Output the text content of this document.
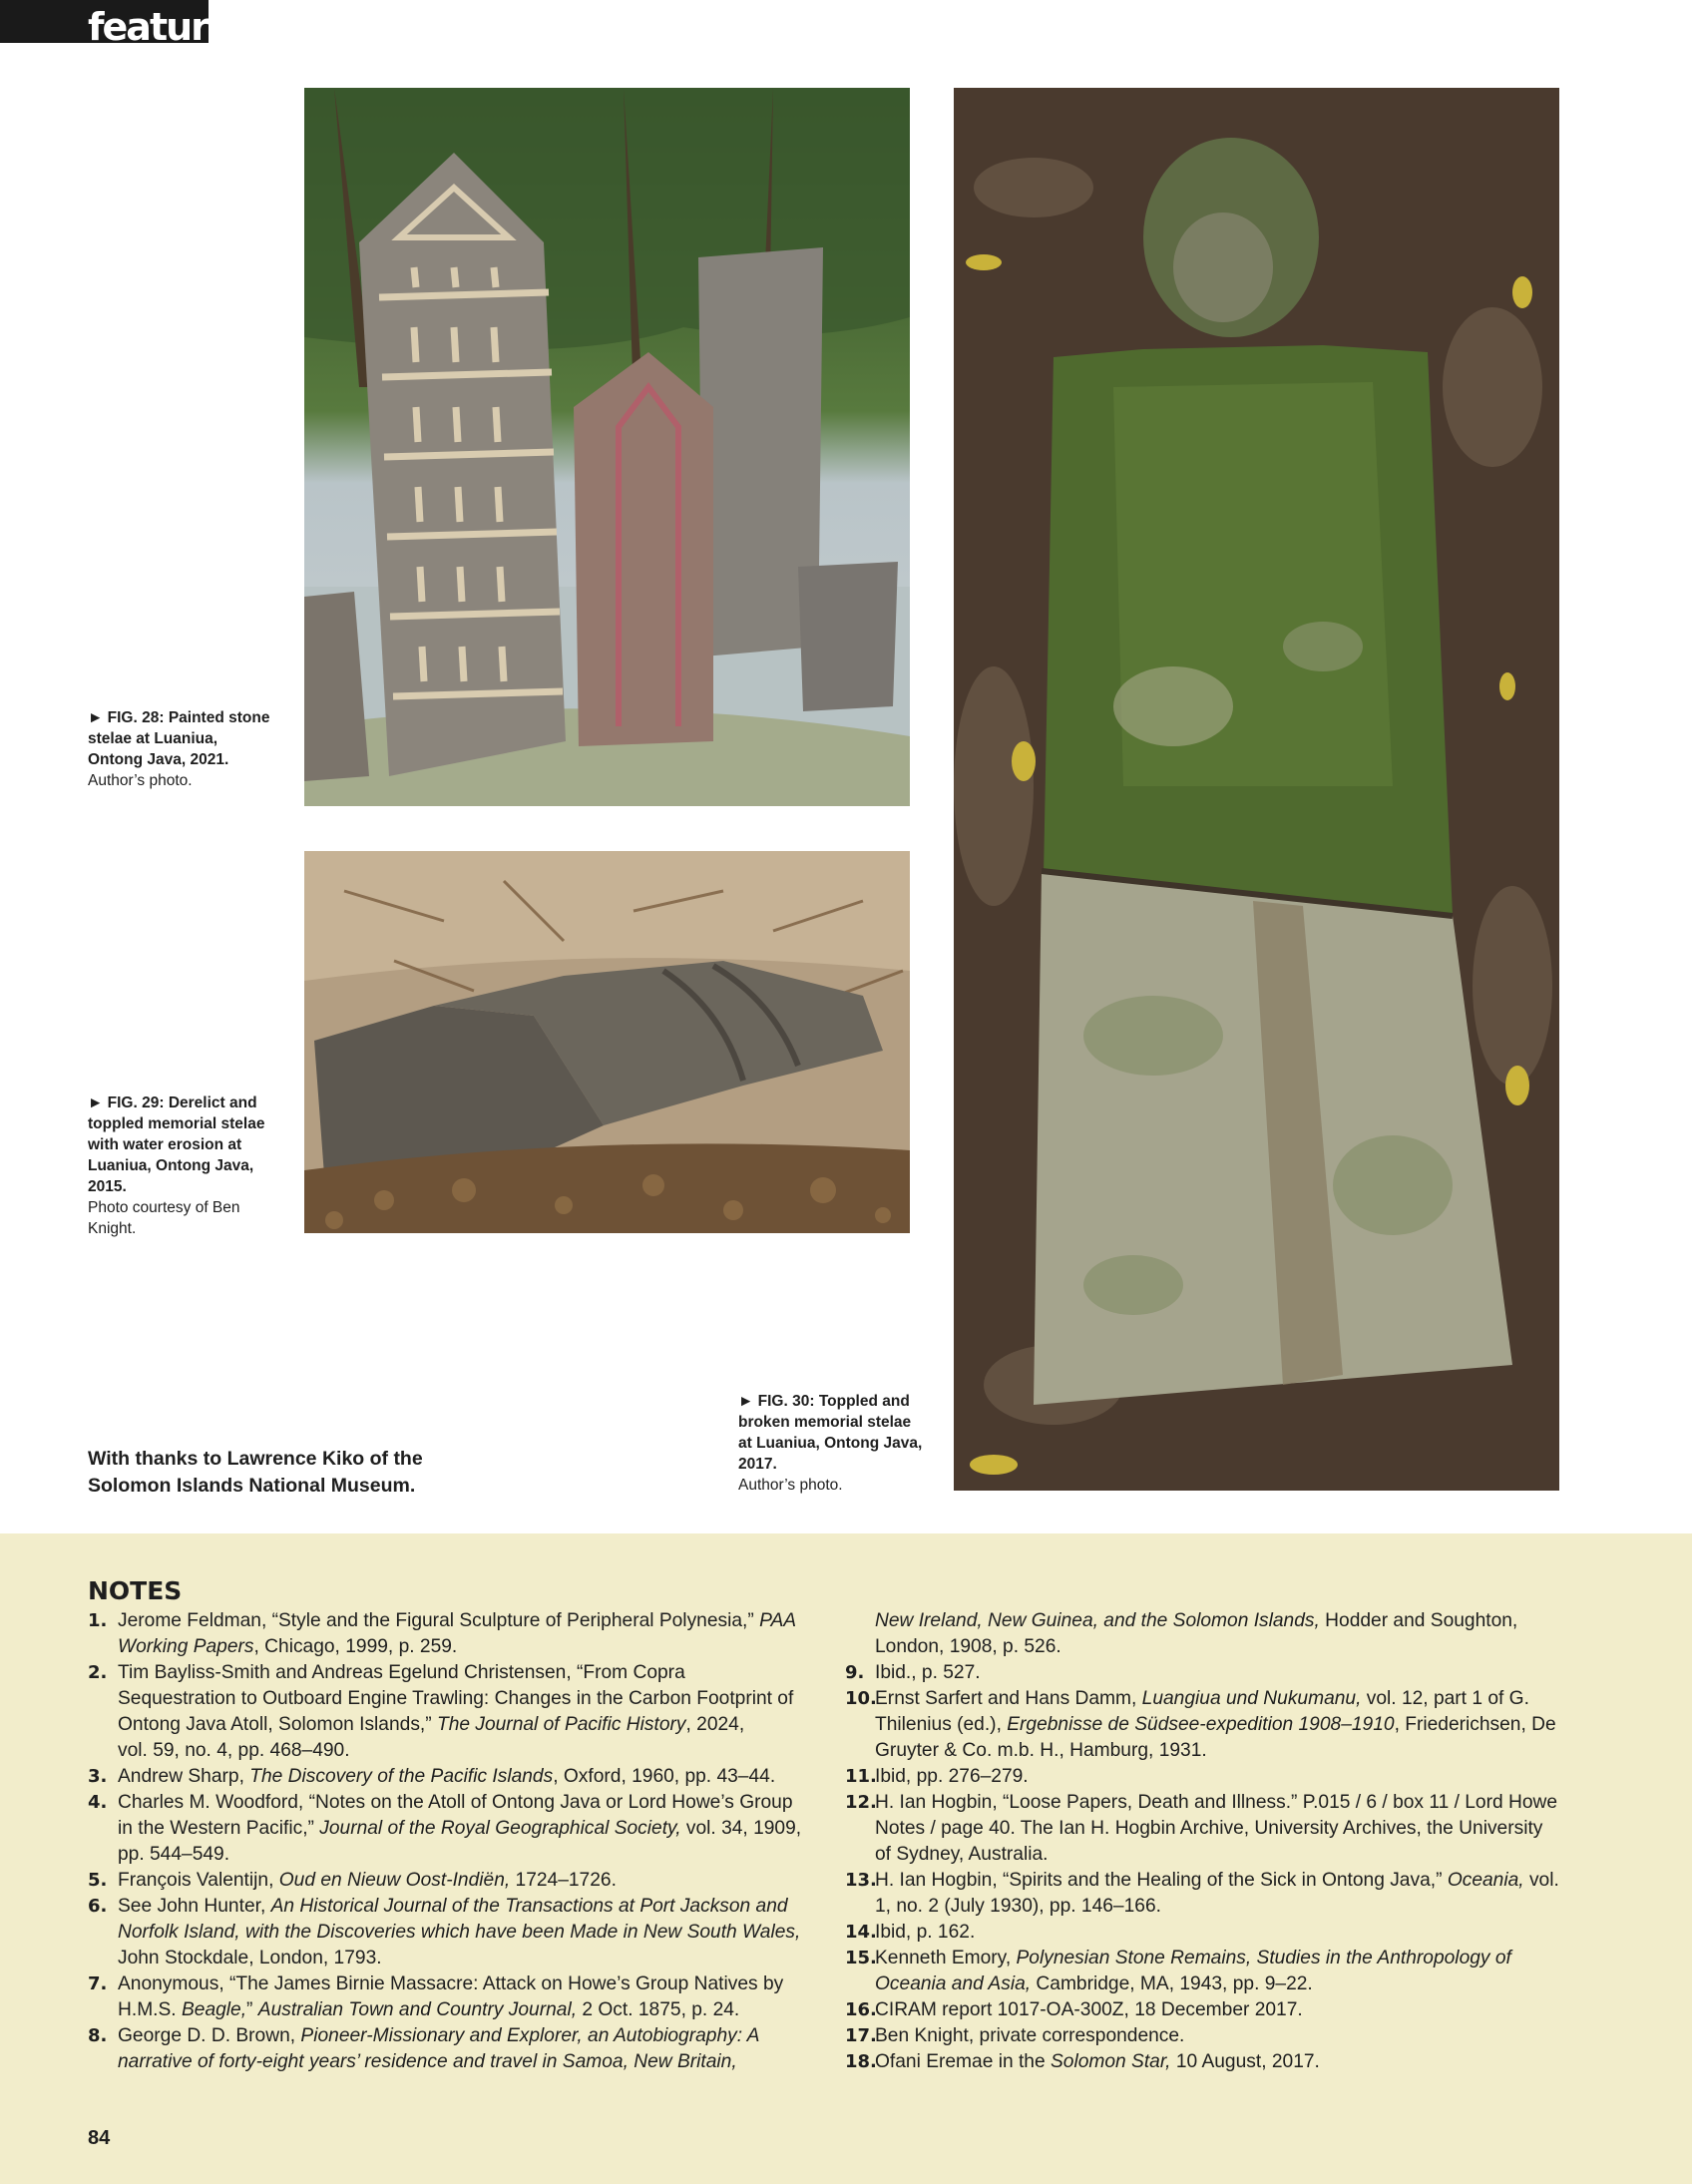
feature
► FIG. 28: Painted stone stelae at Luaniua, Ontong Java, 2021.
Author’s photo.
► FIG. 29: Derelict and toppled memorial stelae with water erosion at Luaniua, Ontong Java, 2015.
Photo courtesy of Ben Knight.
► FIG. 30: Toppled and broken memorial stelae at Luaniua, Ontong Java, 2017.
Author’s photo.
With thanks to Lawrence Kiko of the Solomon Islands National Museum.
NOTES
1. Jerome Feldman, “Style and the Figural Sculpture of Peripheral Polynesia,” PAA Working Papers, Chicago, 1999, p. 259.
2. Tim Bayliss-Smith and Andreas Egelund Christensen, “From Copra Sequestration to Outboard Engine Trawling: Changes in the Carbon Footprint of Ontong Java Atoll, Solomon Islands,” The Journal of Pacific History, 2024,
vol. 59, no. 4, pp. 468–490.
3. Andrew Sharp, The Discovery of the Pacific Islands, Oxford, 1960, pp. 43–44.
4. Charles M. Woodford, “Notes on the Atoll of Ontong Java or Lord Howe’s Group in the Western Pacific,” Journal of the Royal Geographical Society, vol. 34, 1909, pp. 544–549.
5. François Valentijn, Oud en Nieuw Oost-Indiën, 1724–1726.
6. See John Hunter, An Historical Journal of the Transactions at Port Jackson and Norfolk Island, with the Discoveries which have been Made in New South Wales, John Stockdale, London, 1793.
7. Anonymous, “The James Birnie Massacre: Attack on Howe’s Group Natives by H.M.S. Beagle,” Australian Town and Country Journal, 2 Oct. 1875, p. 24.
8. George D. D. Brown, Pioneer-Missionary and Explorer, an Autobiography: A narrative of forty-eight years’ residence and travel in Samoa, New Britain,
New Ireland, New Guinea, and the Solomon Islands, Hodder and Soughton, London, 1908, p. 526.
9. Ibid., p. 527.
10.
Ernst Sarfert and Hans Damm, Luangiua und Nukumanu, vol. 12, part 1 of G. Thilenius (ed.), Ergebnisse de Südsee-expedition 1908–1910, Friederichsen, De Gruyter & Co. m.b. H., Hamburg, 1931.
11.
Ibid, pp. 276–279.
12.
H. Ian Hogbin, “Loose Papers, Death and Illness.” P.015 / 6 / box 11 / Lord Howe Notes / page 40. The Ian H. Hogbin Archive, University Archives, the University of Sydney, Australia.
13.
H. Ian Hogbin, “Spirits and the Healing of the Sick in Ontong Java,” Oceania, vol. 1, no. 2 (July 1930), pp. 146–166.
14.
Ibid, p. 162.
15.
Kenneth Emory, Polynesian Stone Remains, Studies in the Anthropology of Oceania and Asia, Cambridge, MA, 1943, pp. 9–22.
16.
CIRAM report 1017-OA-300Z, 18 December 2017.
17.
Ben Knight, private correspondence.
18.
Ofani Eremae in the Solomon Star, 10 August, 2017.
84
